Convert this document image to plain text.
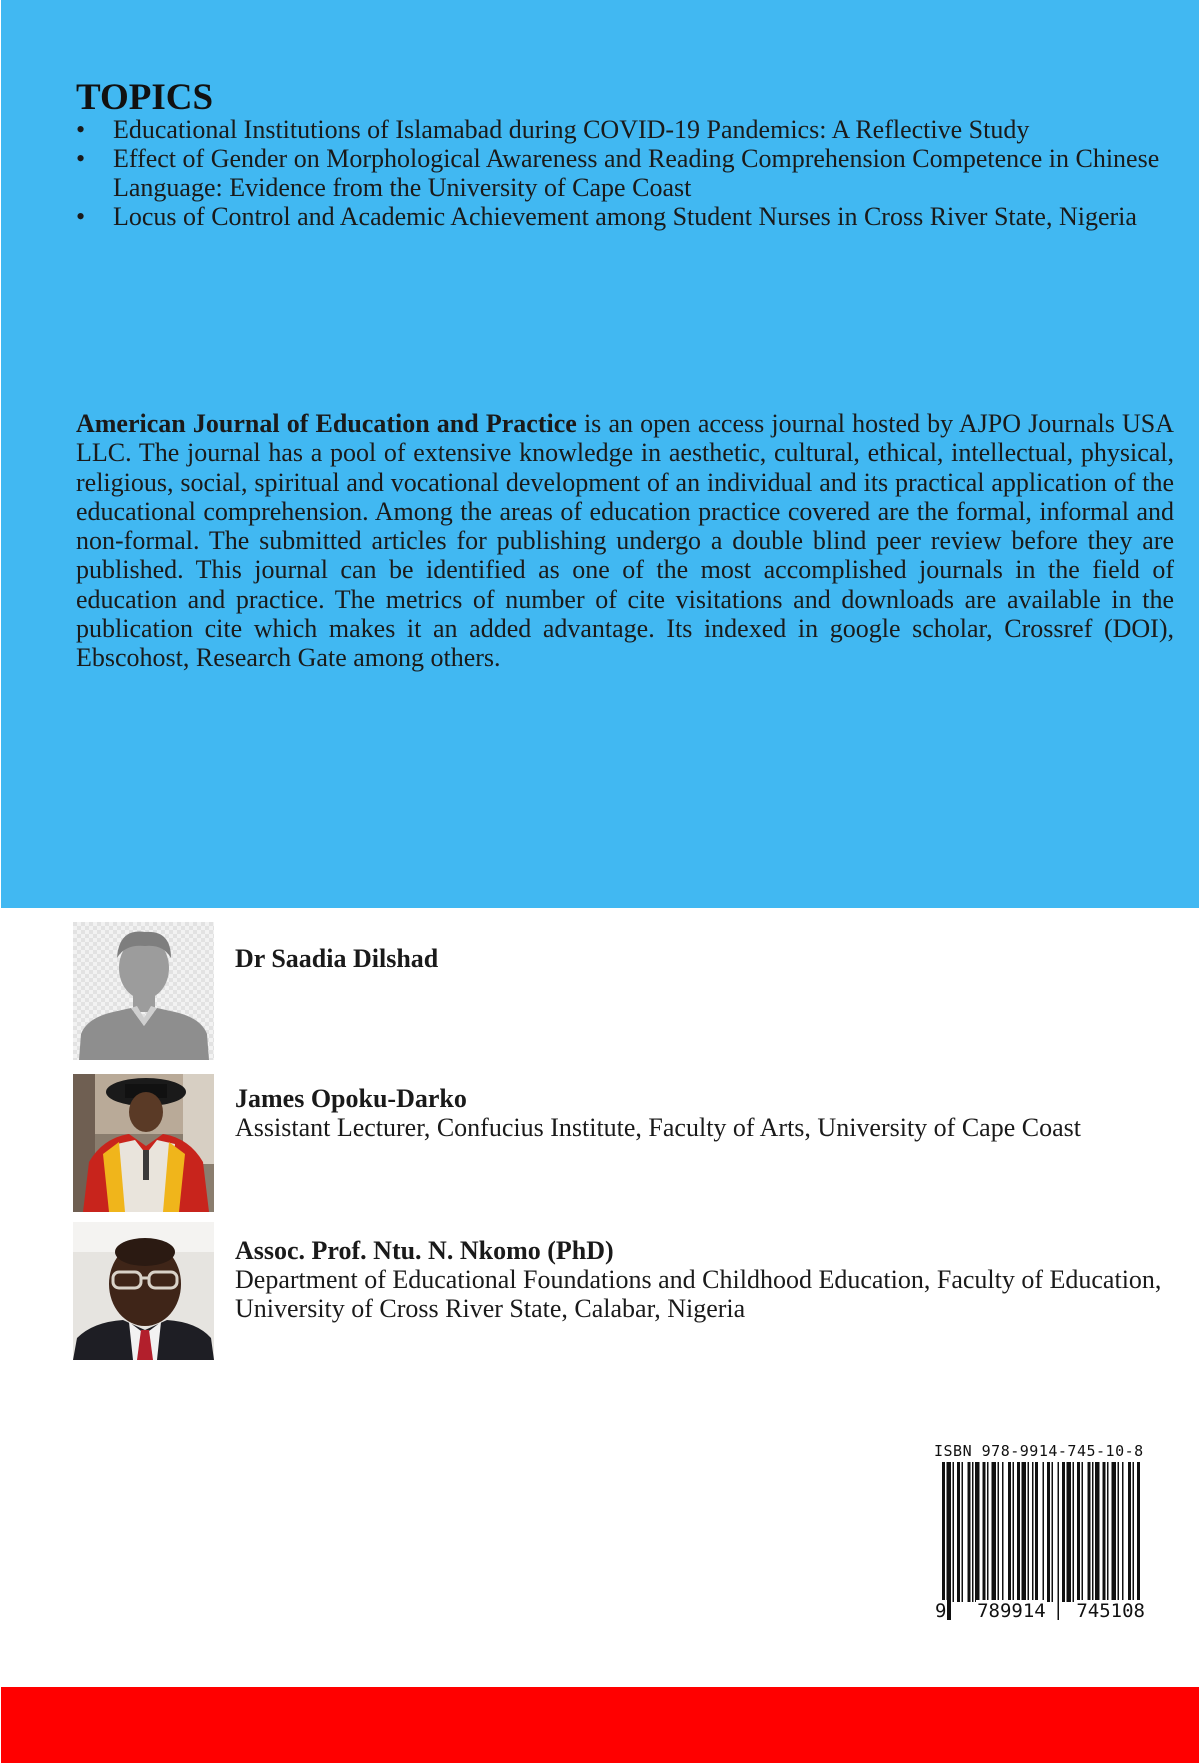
TOPICS
• Educational Institutions of Islamabad during COVID-19 Pandemics: A Reflective Study
• Effect of Gender on Morphological Awareness and Reading Comprehension Competence in Chinese Language: Evidence from the University of Cape Coast
• Locus of Control and Academic Achievement among Student Nurses in Cross River State, Nigeria

American Journal of Education and Practice is an open access journal hosted by AJPO Journals USA LLC. The journal has a pool of extensive knowledge in aesthetic, cultural, ethical, intellectual, physical, religious, social, spiritual and vocational development of an individual and its practical application of the educational comprehension. Among the areas of education practice covered are the formal, informal and non-formal. The submitted articles for publishing undergo a double blind peer review before they are published. This journal can be identified as one of the most accomplished journals in the field of education and practice. The metrics of number of cite visitations and downloads are available in the publication cite which makes it an added advantage. Its indexed in google scholar, Crossref (DOI), Ebscohost, Research Gate among others.

Dr Saadia Dilshad
James Opoku-Darko
Assistant Lecturer, Confucius Institute, Faculty of Arts, University of Cape Coast
Assoc. Prof. Ntu. N. Nkomo (PhD)
Department of Educational Foundations and Childhood Education, Faculty of Education, University of Cross River State, Calabar, Nigeria
ISBN 978-9914-745-10-8
9 789914 745108
